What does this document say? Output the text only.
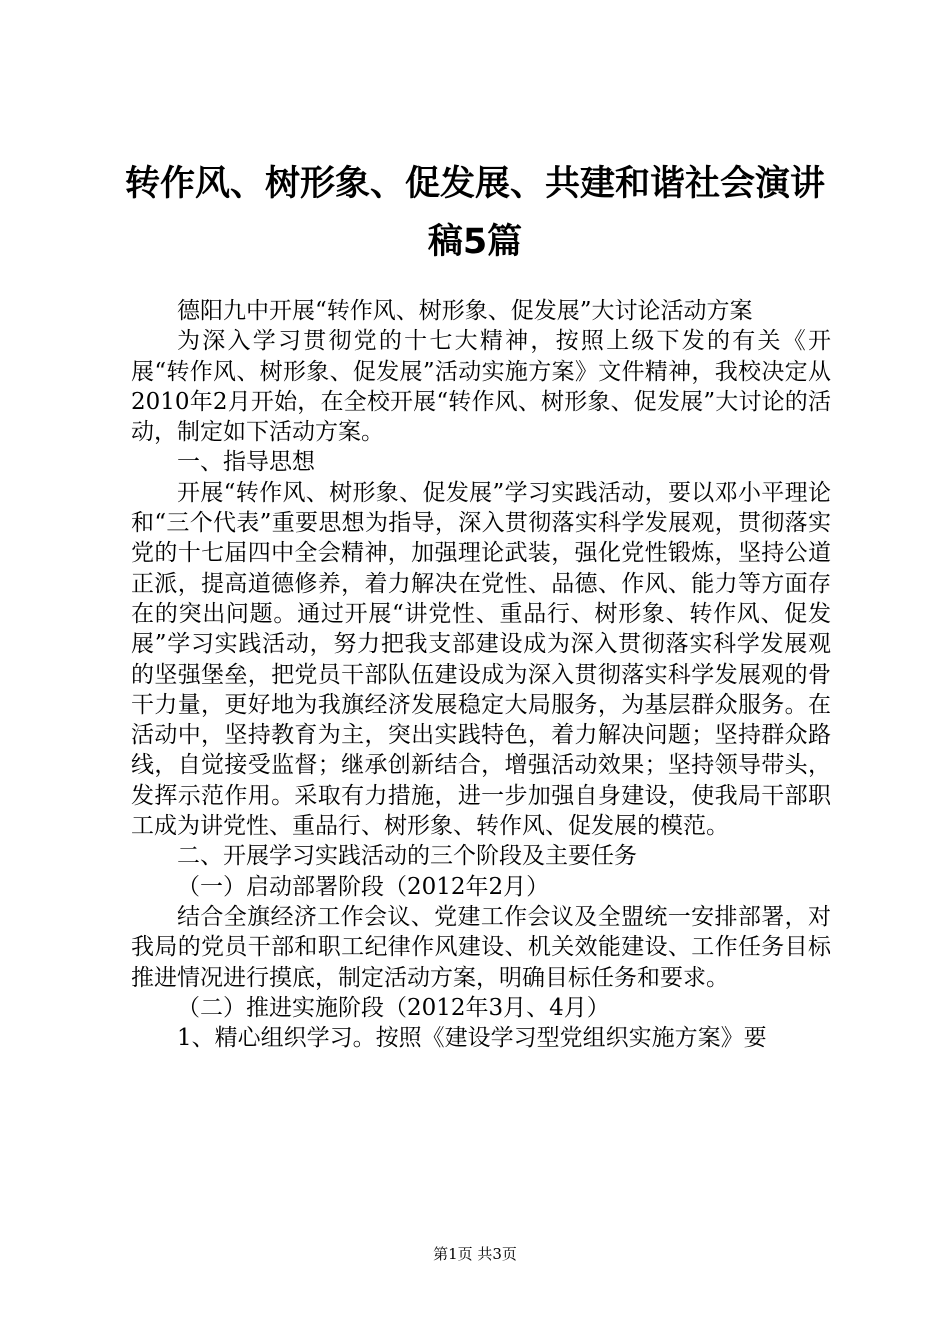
转作风、树形象、促发展、共建和谐社会演讲
稿5篇

德阳九中开展“转作风、树形象、促发展”大讨论活动方案

为深入学习贯彻党的十七大精神，按照上级下发的有关《开展“转作风、树形象、促发展”活动实施方案》文件精神，我校决定从2010年2月开始，在全校开展“转作风、树形象、促发展”大讨论的活动，制定如下活动方案。

一、指导思想

开展“转作风、树形象、促发展”学习实践活动，要以邓小平理论和“三个代表”重要思想为指导，深入贯彻落实科学发展观，贯彻落实党的十七届四中全会精神，加强理论武装，强化党性锻炼，坚持公道正派，提高道德修养，着力解决在党性、品德、作风、能力等方面存在的突出问题。通过开展“讲党性、重品行、树形象、转作风、促发展”学习实践活动，努力把我支部建设成为深入贯彻落实科学发展观的坚强堡垒，把党员干部队伍建设成为深入贯彻落实科学发展观的骨干力量，更好地为我旗经济发展稳定大局服务，为基层群众服务。在活动中，坚持教育为主，突出实践特色，着力解决问题；坚持群众路线，自觉接受监督；继承创新结合，增强活动效果；坚持领导带头，发挥示范作用。采取有力措施，进一步加强自身建设，使我局干部职工成为讲党性、重品行、树形象、转作风、促发展的模范。

二、开展学习实践活动的三个阶段及主要任务

（一）启动部署阶段（2012年2月）

结合全旗经济工作会议、党建工作会议及全盟统一安排部署，对我局的党员干部和职工纪律作风建设、机关效能建设、工作任务目标推进情况进行摸底，制定活动方案，明确目标任务和要求。

（二）推进实施阶段（2012年3月、4月）

1、精心组织学习。按照《建设学习型党组织实施方案》要

第1页 共3页
